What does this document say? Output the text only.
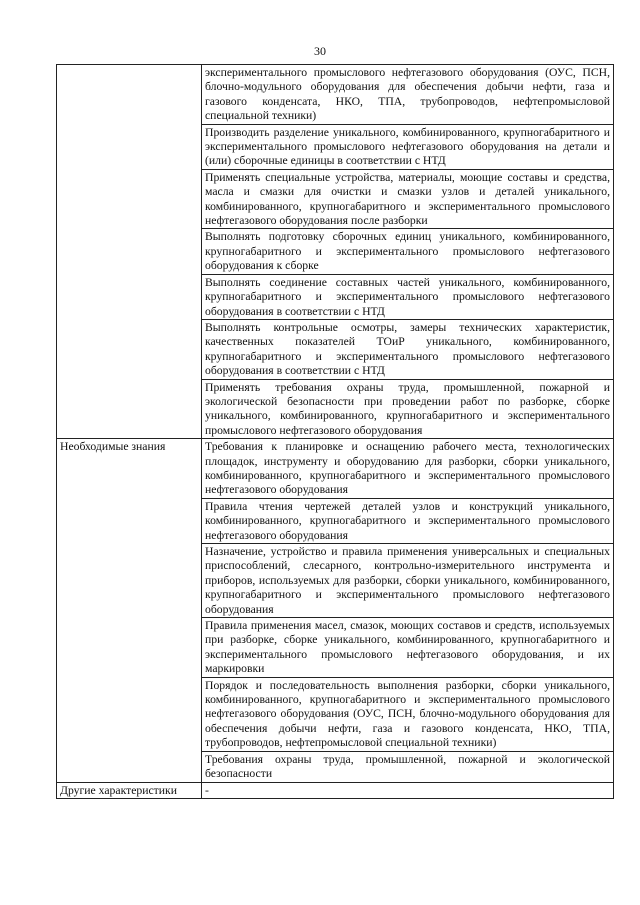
30

	экспериментального промыслового нефтегазового оборудования (ОУС, ПСН, блочно-модульного оборудования для обеспечения добычи нефти, газа и газового конденсата, НКО, ТПА, трубопроводов, нефтепромысловой специальной техники)

	Производить разделение уникального, комбинированного, крупногабаритного и экспериментального промыслового нефтегазового оборудования на детали и (или) сборочные единицы в соответствии с НТД

	Применять специальные устройства, материалы, моющие составы и средства, масла и смазки для очистки и смазки узлов и деталей уникального, комбинированного, крупногабаритного и экспериментального промыслового нефтегазового оборудования после разборки

	Выполнять подготовку сборочных единиц уникального, комбинированного, крупногабаритного и экспериментального промыслового нефтегазового оборудования к сборке

	Выполнять соединение составных частей уникального, комбинированного, крупногабаритного и экспериментального промыслового нефтегазового оборудования в соответствии с НТД

	Выполнять контрольные осмотры, замеры технических характеристик, качественных показателей ТОиР уникального, комбинированного, крупногабаритного и экспериментального промыслового нефтегазового оборудования в соответствии с НТД

	Применять требования охраны труда, промышленной, пожарной и экологической безопасности при проведении работ по разборке, сборке уникального, комбинированного, крупногабаритного и экспериментального промыслового нефтегазового оборудования

Необходимые знания	Требования к планировке и оснащению рабочего места, технологических площадок, инструменту и оборудованию для разборки, сборки уникального, комбинированного, крупногабаритного и экспериментального промыслового нефтегазового оборудования

	Правила чтения чертежей деталей узлов и конструкций уникального, комбинированного, крупногабаритного и экспериментального промыслового нефтегазового оборудования

	Назначение, устройство и правила применения универсальных и специальных приспособлений, слесарного, контрольно-измерительного инструмента и приборов, используемых для разборки, сборки уникального, комбинированного, крупногабаритного и экспериментального промыслового нефтегазового оборудования

	Правила применения масел, смазок, моющих составов и средств, используемых при разборке, сборке уникального, комбинированного, крупногабаритного и экспериментального промыслового нефтегазового оборудования, и их маркировки

	Порядок и последовательность выполнения разборки, сборки уникального, комбинированного, крупногабаритного и экспериментального промыслового нефтегазового оборудования (ОУС, ПСН, блочно-модульного оборудования для обеспечения добычи нефти, газа и газового конденсата, НКО, ТПА, трубопроводов, нефтепромысловой специальной техники)

	Требования охраны труда, промышленной, пожарной и экологической безопасности

Другие характеристики	-
